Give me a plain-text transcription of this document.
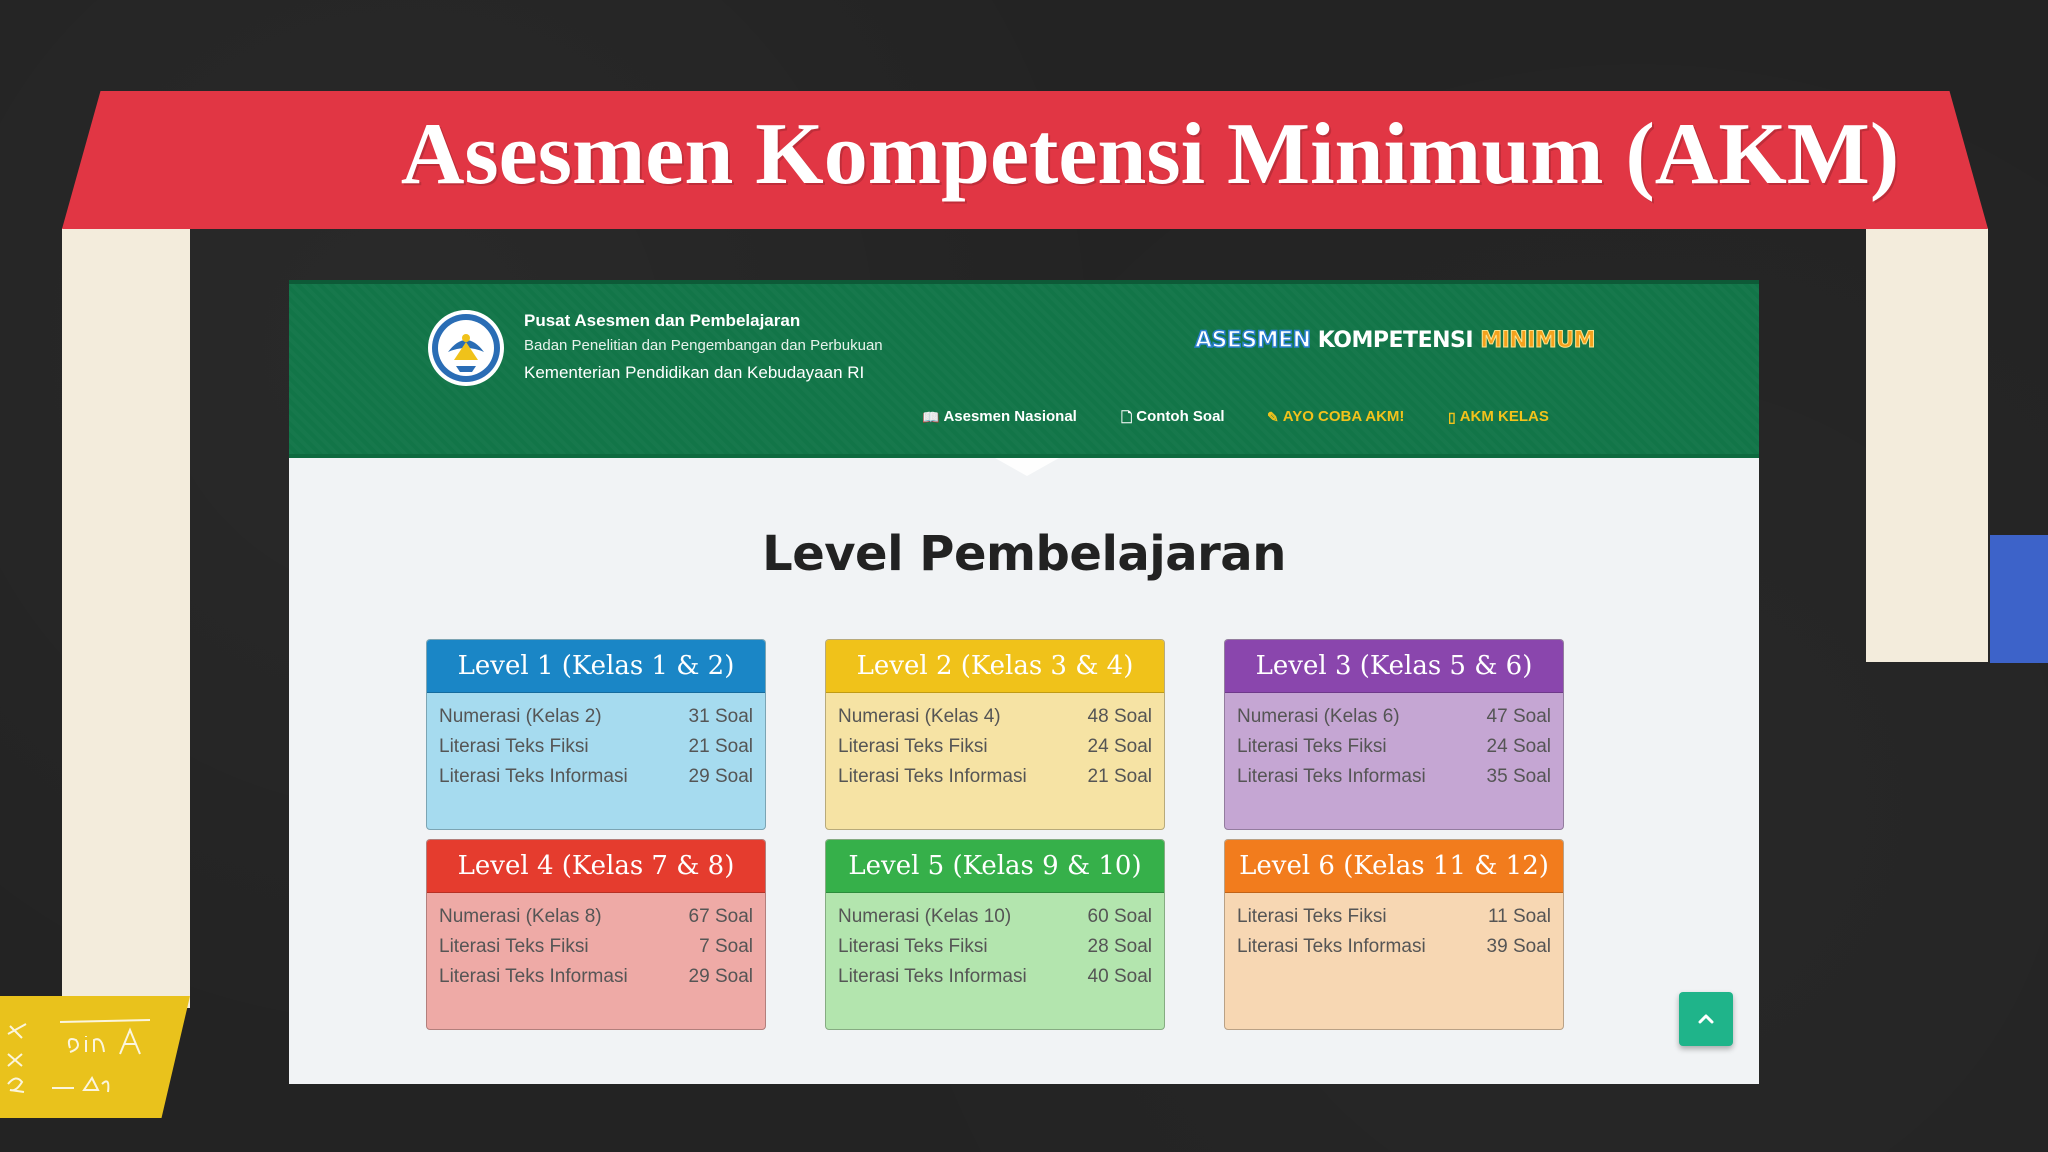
Asesmen Kompetensi Minimum (AKM)
Pusat Asesmen dan Pembelajaran
Badan Penelitian dan Pengembangan dan Perbukuan
Kementerian Pendidikan dan Kebudayaan RI
ASESMEN KOMPETENSI MINIMUM
📖 Asesmen Nasional	🗋 Contoh Soal	✎ AYO COBA AKM!	▯ AKM KELAS
Level Pembelajaran
Level 1 (Kelas 1 & 2)
Numerasi (Kelas 2)	31 Soal
Literasi Teks Fiksi	21 Soal
Literasi Teks Informasi	29 Soal
Level 2 (Kelas 3 & 4)
Numerasi (Kelas 4)	48 Soal
Literasi Teks Fiksi	24 Soal
Literasi Teks Informasi	21 Soal
Level 3 (Kelas 5 & 6)
Numerasi (Kelas 6)	47 Soal
Literasi Teks Fiksi	24 Soal
Literasi Teks Informasi	35 Soal
Level 4 (Kelas 7 & 8)
Numerasi (Kelas 8)	67 Soal
Literasi Teks Fiksi	7 Soal
Literasi Teks Informasi	29 Soal
Level 5 (Kelas 9 & 10)
Numerasi (Kelas 10)	60 Soal
Literasi Teks Fiksi	28 Soal
Literasi Teks Informasi	40 Soal
Level 6 (Kelas 11 & 12)
Literasi Teks Fiksi	11 Soal
Literasi Teks Informasi	39 Soal
